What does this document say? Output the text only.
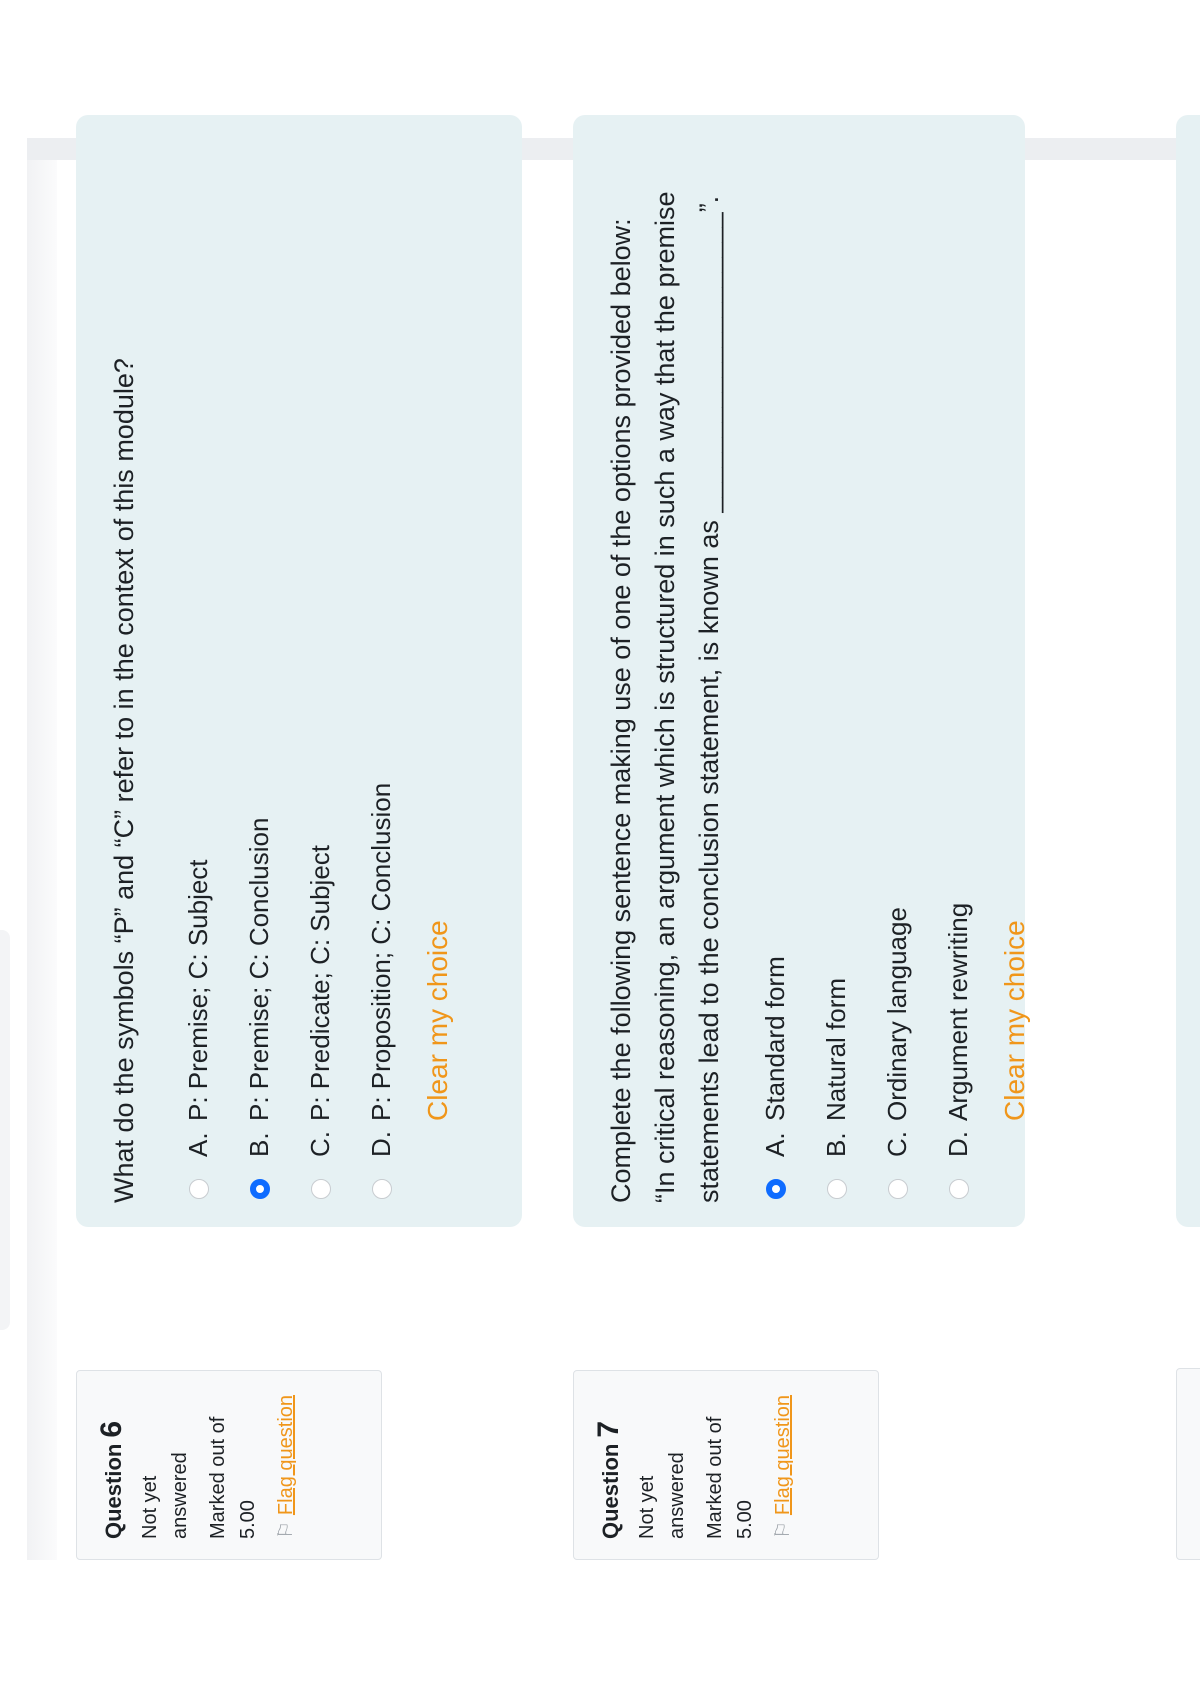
Question6
Not yet answered Marked out of 5.00 ⚐
Flag question

What do the symbols “P” and “C” refer to in the context of this module? A.
P: Premise; C: Subject
B.
P: Premise; C: Conclusion
C.
P: Predicate; C: Subject
D.
P: Proposition; C: Conclusion Clear my choice
Question7
Not yet answered Marked out of 5.00 ⚐
Flag question

Complete the following sentence making use of one of the options provided below: “In critical reasoning, an argument which is structured in such a way that the premise statements lead to the conclusion statement, is known as ____________________”. A.
Standard form
B.
Natural form
C.
Ordinary language
D.
Argument rewriting Clear my choice
